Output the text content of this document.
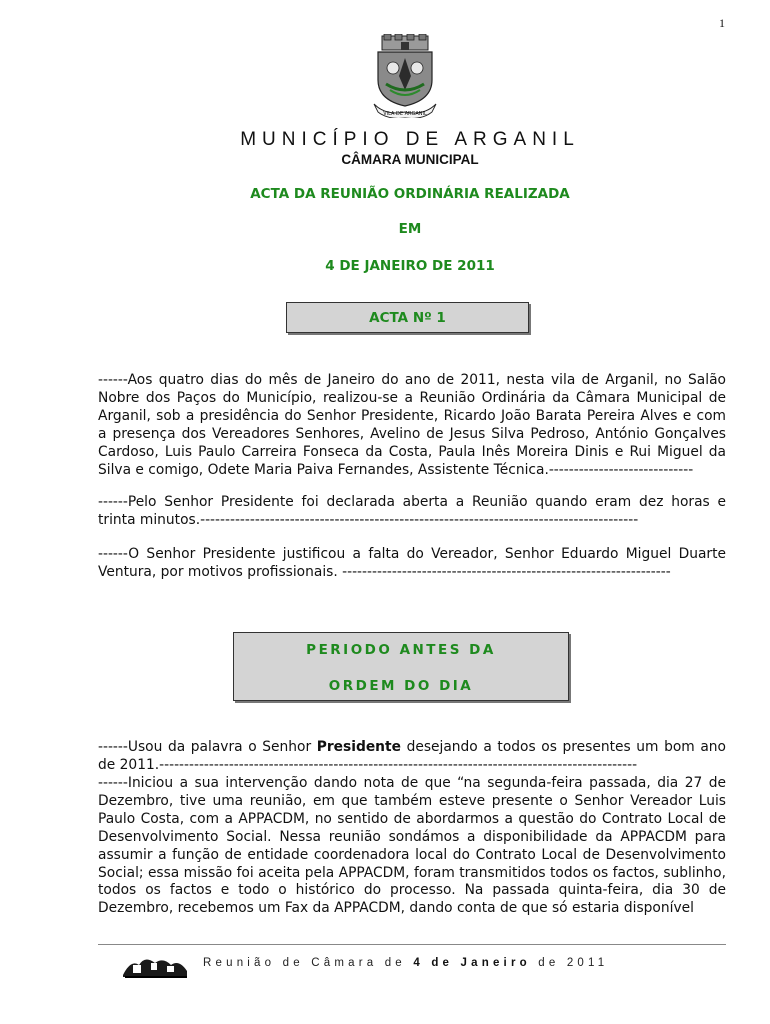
1
VILA DE ARGANIL
MUNICÍPIO DE ARGANIL
CÂMARA MUNICIPAL
ACTA DA REUNIÃO ORDINÁRIA REALIZADA
EM
4 DE JANEIRO DE 2011
ACTA Nº 1
------Aos quatro dias do mês de Janeiro do ano de 2011, nesta vila de Arganil, no Salão Nobre dos Paços do Município, realizou-se a Reunião Ordinária da Câmara Municipal de Arganil, sob a presidência do Senhor Presidente, Ricardo João Barata Pereira Alves e com a presença dos Vereadores Senhores, Avelino de Jesus Silva Pedroso, António Gonçalves Cardoso, Luis Paulo Carreira Fonseca da Costa, Paula Inês Moreira Dinis e Rui Miguel da Silva e comigo, Odete Maria Paiva Fernandes, Assistente Técnica.-----------------------------
------Pelo Senhor Presidente foi declarada aberta a Reunião quando eram dez horas e trinta minutos.----------------------------------------------------------------------------------------
------O Senhor Presidente justificou a falta do Vereador, Senhor Eduardo Miguel Duarte Ventura, por motivos profissionais. ------------------------------------------------------------------
PERIODO ANTES DA
ORDEM DO DIA
------Usou da palavra o Senhor Presidente desejando a todos os presentes um bom ano de 2011.------------------------------------------------------------------------------------------------
------Iniciou a sua intervenção dando nota de que “na segunda-feira passada, dia 27 de Dezembro, tive uma reunião, em que também esteve presente o Senhor Vereador Luis Paulo Costa, com a APPACDM, no sentido de abordarmos a questão do Contrato Local de Desenvolvimento Social. Nessa reunião sondámos a disponibilidade da APPACDM para assumir a função de entidade coordenadora local do Contrato Local de Desenvolvimento Social; essa missão foi aceita pela APPACDM, foram transmitidos todos os factos, sublinho, todos os factos e todo o histórico do processo. Na passada quinta-feira, dia 30 de Dezembro, recebemos um Fax da APPACDM, dando conta de que só estaria disponível
Reunião de Câmara de 4 de Janeiro de 2011
